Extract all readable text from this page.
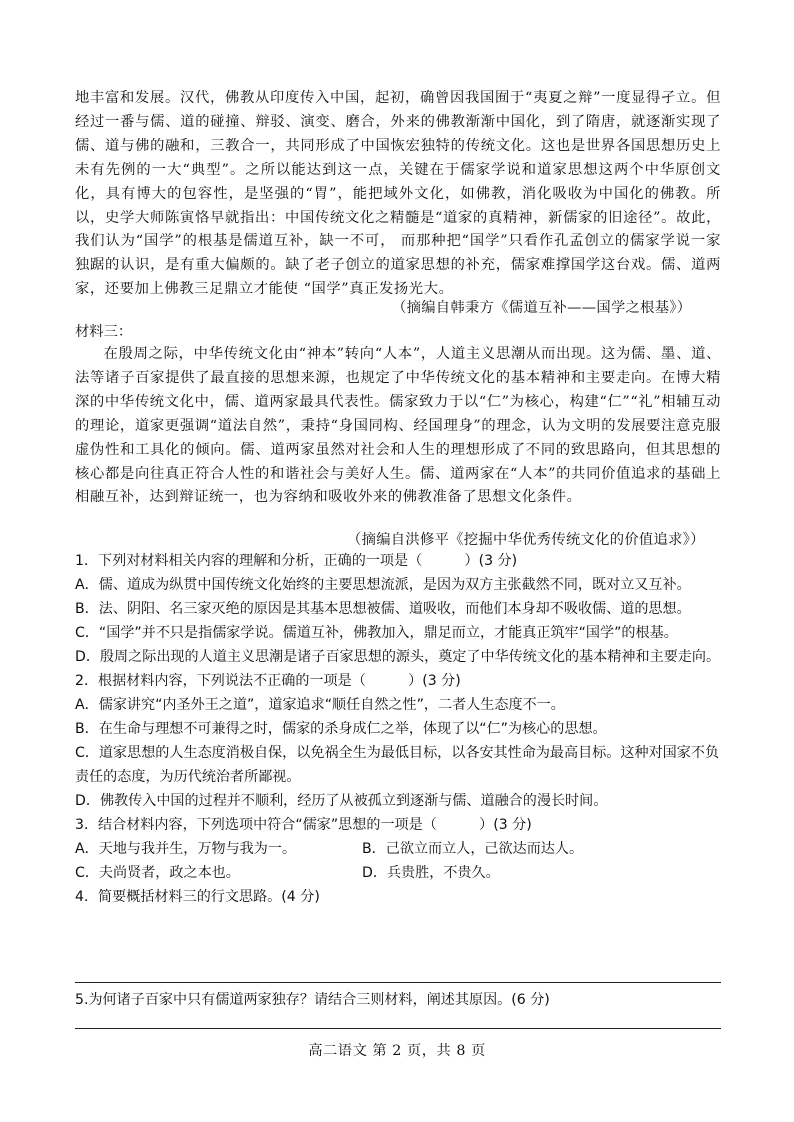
地丰富和发展。汉代，佛教从印度传入中国，起初，确曾因我国囿于“夷夏之辩”一度显得孑立。但经过一番与儒、道的碰撞、辩驳、演变、磨合，外来的佛教渐渐中国化，到了隋唐，就逐渐实现了儒、道与佛的融和，三教合一，共同形成了中国恢宏独特的传统文化。这也是世界各国思想历史上未有先例的一大“典型”。之所以能达到这一点，关键在于儒家学说和道家思想这两个中华原创文化，具有博大的包容性，是坚强的“胃”，能把域外文化，如佛教，消化吸收为中国化的佛教。所以，史学大师陈寅恪早就指出：中国传统文化之精髓是“道家的真精神，新儒家的旧途径”。故此，我们认为“国学”的根基是儒道互补，缺一不可， 而那种把“国学”只看作孔孟创立的儒家学说一家独踞的认识，是有重大偏颇的。缺了老子创立的道家思想的补充，儒家难撑国学这台戏。儒、道两家，还要加上佛教三足鼎立才能使 “国学”真正发扬光大。

（摘编自韩秉方《儒道互补——国学之根基》）
材料三：

在殷周之际，中华传统文化由“神本”转向“人本”，人道主义思潮从而出现。这为儒、墨、道、法等诸子百家提供了最直接的思想来源，也规定了中华传统文化的基本精神和主要走向。在博大精深的中华传统文化中，儒、道两家最具代表性。儒家致力于以“仁”为核心，构建“仁”“礼”相辅互动的理论，道家更强调“道法自然”，秉持“身国同构、经国理身”的理念，认为文明的发展要注意克服虚伪性和工具化的倾向。儒、道两家虽然对社会和人生的理想形成了不同的致思路向，但其思想的核心都是向往真正符合人性的和谐社会与美好人生。儒、道两家在“人本”的共同价值追求的基础上相融互补，达到辩证统一，也为容纳和吸收外来的佛教准备了思想文化条件。

（摘编自洪修平《挖掘中华优秀传统文化的价值追求》）
1．下列对材料相关内容的理解和分析，正确的一项是（　　　）(3 分)
A．儒、道成为纵贯中国传统文化始终的主要思想流派，是因为双方主张截然不同，既对立又互补。
B．法、阴阳、名三家灭绝的原因是其基本思想被儒、道吸收，而他们本身却不吸收儒、道的思想。
C．“国学”并不只是指儒家学说。儒道互补，佛教加入，鼎足而立，才能真正筑牢“国学”的根基。
D．殷周之际出现的人道主义思潮是诸子百家思想的源头，奠定了中华传统文化的基本精神和主要走向。
2．根据材料内容，下列说法不正确的一项是（　　　）(3 分)
A．儒家讲究“内圣外王之道”，道家追求“顺任自然之性”，二者人生态度不一。
B．在生命与理想不可兼得之时，儒家的杀身成仁之举，体现了以“仁”为核心的思想。
C．道家思想的人生态度消极自保，以免祸全生为最低目标，以各安其性命为最高目标。这种对国家不负责任的态度，为历代统治者所鄙视。
D．佛教传入中国的过程并不顺利，经历了从被孤立到逐渐与儒、道融合的漫长时间。
3．结合材料内容，下列选项中符合“儒家”思想的一项是（　　　）(3 分)
A．天地与我并生，万物与我为一。	B．己欲立而立人，己欲达而达人。
C．夫尚贤者，政之本也。	D．兵贵胜，不贵久。
4．简要概括材料三的行文思路。(4 分)
5.为何诸子百家中只有儒道两家独存？请结合三则材料，阐述其原因。(6 分)
高二语文 第 2 页，共 8 页
